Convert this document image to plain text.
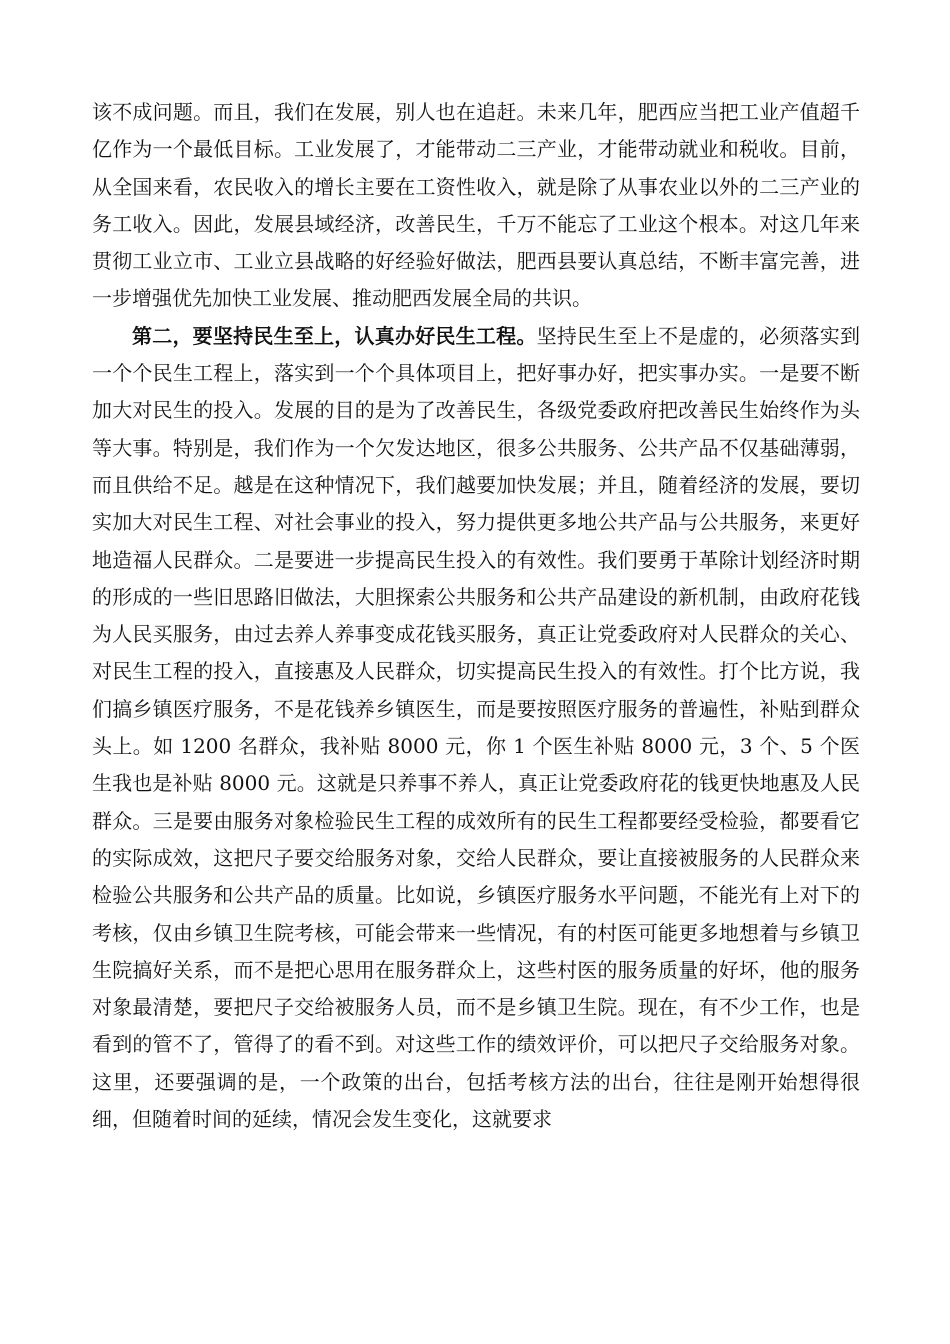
该不成问题。而且，我们在发展，别人也在追赶。未来几年，肥西应当把工业产值超千亿作为一个最低目标。工业发展了，才能带动二三产业，才能带动就业和税收。目前，从全国来看，农民收入的增长主要在工资性收入，就是除了从事农业以外的二三产业的务工收入。因此，发展县域经济，改善民生，千万不能忘了工业这个根本。对这几年来贯彻工业立市、工业立县战略的好经验好做法，肥西县要认真总结，不断丰富完善，进一步增强优先加快工业发展、推动肥西发展全局的共识。

第二，要坚持民生至上，认真办好民生工程。坚持民生至上不是虚的，必须落实到一个个民生工程上，落实到一个个具体项目上，把好事办好，把实事办实。一是要不断加大对民生的投入。发展的目的是为了改善民生，各级党委政府把改善民生始终作为头等大事。特别是，我们作为一个欠发达地区，很多公共服务、公共产品不仅基础薄弱，而且供给不足。越是在这种情况下，我们越要加快发展；并且，随着经济的发展，要切实加大对民生工程、对社会事业的投入，努力提供更多地公共产品与公共服务，来更好地造福人民群众。二是要进一步提高民生投入的有效性。我们要勇于革除计划经济时期的形成的一些旧思路旧做法，大胆探索公共服务和公共产品建设的新机制，由政府花钱为人民买服务，由过去养人养事变成花钱买服务，真正让党委政府对人民群众的关心、对民生工程的投入，直接惠及人民群众，切实提高民生投入的有效性。打个比方说，我们搞乡镇医疗服务，不是花钱养乡镇医生，而是要按照医疗服务的普遍性，补贴到群众头上。如 1200 名群众，我补贴 8000 元，你 1 个医生补贴 8000 元，3 个、5 个医生我也是补贴 8000 元。这就是只养事不养人，真正让党委政府花的钱更快地惠及人民群众。三是要由服务对象检验民生工程的成效所有的民生工程都要经受检验，都要看它的实际成效，这把尺子要交给服务对象，交给人民群众，要让直接被服务的人民群众来检验公共服务和公共产品的质量。比如说，乡镇医疗服务水平问题，不能光有上对下的考核，仅由乡镇卫生院考核，可能会带来一些情况，有的村医可能更多地想着与乡镇卫生院搞好关系，而不是把心思用在服务群众上，这些村医的服务质量的好坏，他的服务对象最清楚，要把尺子交给被服务人员，而不是乡镇卫生院。现在，有不少工作，也是看到的管不了，管得了的看不到。对这些工作的绩效评价，可以把尺子交给服务对象。这里，还要强调的是，一个政策的出台，包括考核方法的出台，往往是刚开始想得很细，但随着时间的延续，情况会发生变化，这就要求
